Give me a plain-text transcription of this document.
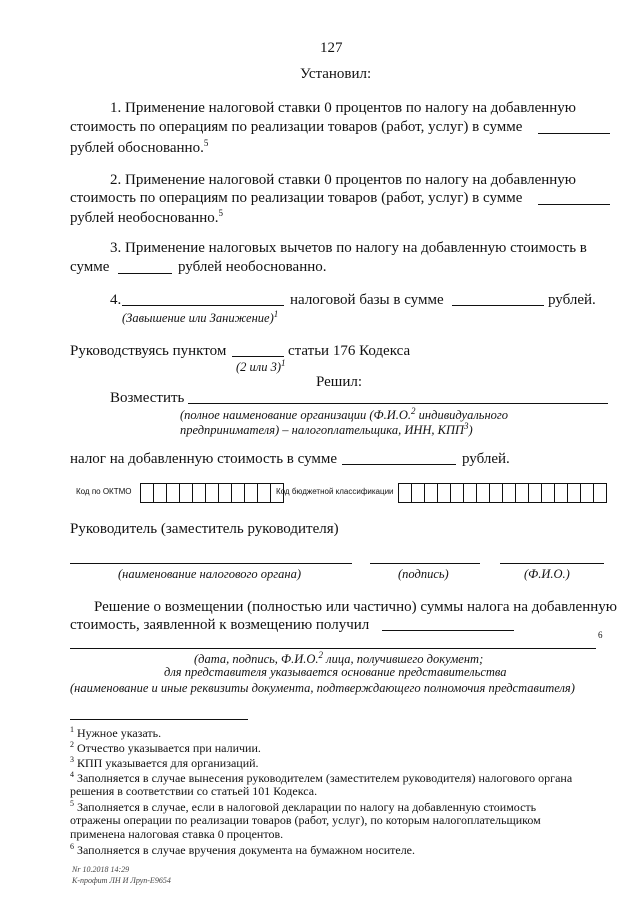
127
Установил:
1. Применение налоговой ставки 0 процентов по налогу на добавленную
стоимость по операциям по реализации товаров (работ, услуг) в сумме
рублей обоснованно.$^5$
2. Применение налоговой ставки 0 процентов по налогу на добавленную
стоимость по операциям по реализации товаров (работ, услуг) в сумме
рублей необоснованно.$^5$
3. Применение налоговых вычетов по налогу на добавленную стоимость в
сумме	рублей необоснованно.
4.	налоговой базы в сумме	рублей.
(Завышение или Занижение)$^1$
Руководствуясь пунктом	статьи 176 Кодекса
(2 или 3)$^1$
Решил:
Возместить
(полное наименование организации (Ф.И.О.$^2$ индивидуального
предпринимателя) – налогоплательщика, ИНН, КПП$^3$)
налог на добавленную стоимость в сумме	рублей.
Код по ОКТМО	Код бюджетной классификации
Руководитель (заместитель руководителя)
(наименование налогового органа)	(подпись)	(Ф.И.О.)
Решение о возмещении (полностью или частично) суммы налога на добавленную
стоимость, заявленной к возмещению получил
6
(дата, подпись, Ф.И.О.$^2$ лица, получившего документ;
для представителя указывается основание представительства
(наименование и иные реквизиты документа, подтверждающего полномочия представителя)
$^1$ Нужное указать.
$^2$ Отчество указывается при наличии.
$^3$ КПП указывается для организаций.
$^4$ Заполняется в случае вынесения руководителем (заместителем руководителя) налогового органа
решения в соответствии со статьей 101 Кодекса.
$^5$ Заполняется в случае, если в налоговой декларации по налогу на добавленную стоимость
отражены операции по реализации товаров (работ, услуг), по которым налогоплательщиком
применена налоговая ставка 0 процентов.
$^6$ Заполняется в случае вручения документа на бумажном носителе.
Nr 10.2018 14:29
К-профит ЛН И Лруп-Е9654
